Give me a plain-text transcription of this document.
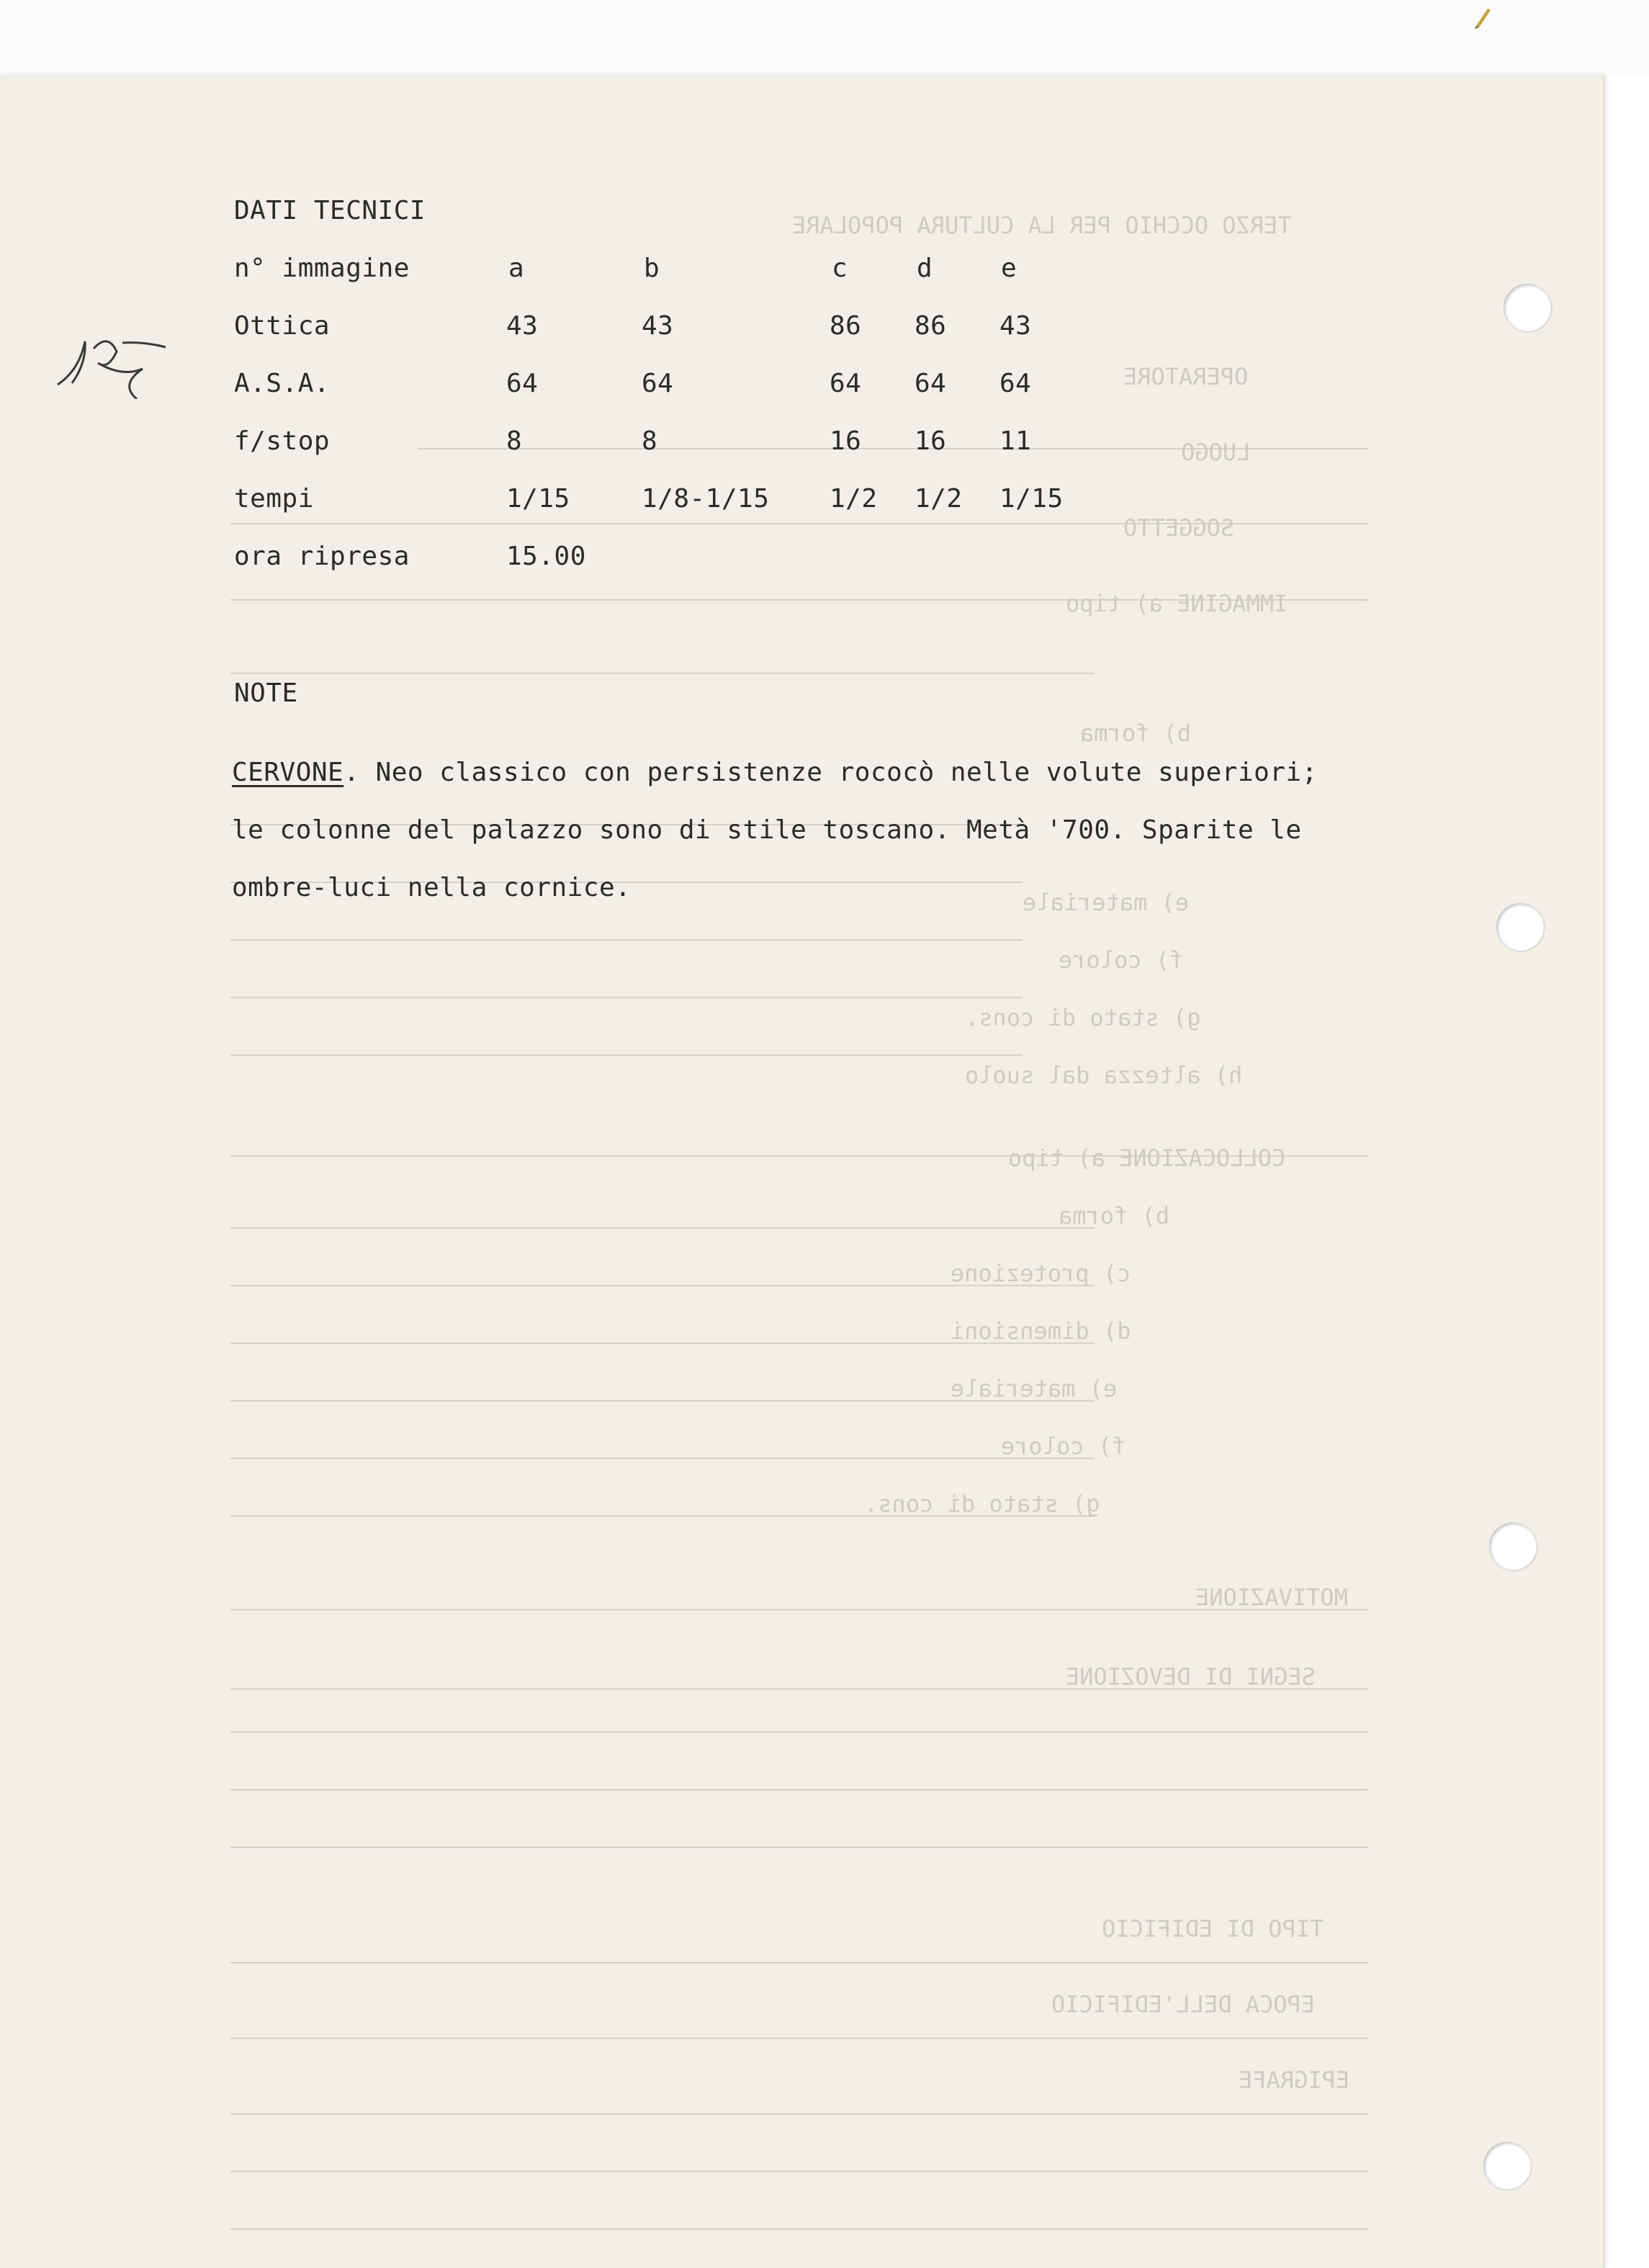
TERZO OCCHIO PER LA CULTURA POPOLARE
OPERATORE
LUOGO
SOGGETTO
IMMAGINE a) tipo
b) forma
e) materiale
f) colore
g) stato di cons.
h) altezza dal suolo
COLLOCAZIONE a) tipo
b) forma
c) protezione
d) dimensioni
e) materiale
f) colore
g) stato di cons.
MOTIVAZIONE
SEGNI DI DEVOZIONE
TIPO DI EDIFICIO
EPOCA DELL'EDIFICIO
EPIGRAFE
DATI TECNICI
n° immagine	a	b	c	d	e
Ottica	43	43	86 86 43
A.S.A.	64	64	64 64 64
f/stop	8	8	16 16 11
tempi	1/15	1/8-1/15 1/2 1/2 1/15
ora ripresa	15.00
NOTE
CERVONE. Neo classico con persistenze rococò nelle volute superiori;
le colonne del palazzo sono di stile toscano. Metà '700. Sparite le
ombre-luci nella cornice.
